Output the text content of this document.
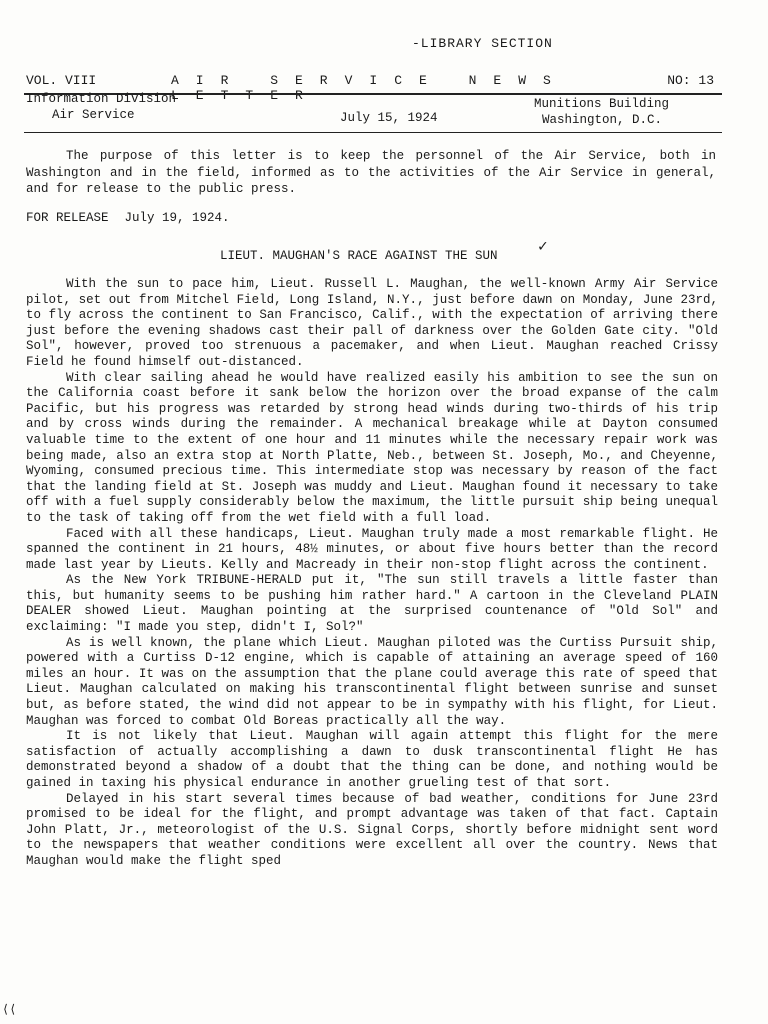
-LIBRARY SECTION
VOL. VIII	AIR SERVICE NEWS LETTER
NO: 13
Information Division
Air Service	July 15, 1924
Munitions Building
Washington, D.C.
The purpose of this letter is to keep the personnel of the Air Service, both in Washington and in the field, informed as to the activities of the Air Service in general, and for release to the public press.
FOR RELEASE July 19, 1924.
LIEUT. MAUGHAN'S RACE AGAINST THE SUN	✓

With the sun to pace him, Lieut. Russell L. Maughan, the well-known Army Air Service pilot, set out from Mitchel Field, Long Island, N.Y., just before dawn on Monday, June 23rd, to fly across the continent to San Francisco, Calif., with the expectation of arriving there just before the evening shadows cast their pall of darkness over the Golden Gate city. "Old Sol", however, proved too strenuous a pacemaker, and when Lieut. Maughan reached Crissy Field he found himself out-distanced.

With clear sailing ahead he would have realized easily his ambition to see the sun on the California coast before it sank below the horizon over the broad expanse of the calm Pacific, but his progress was retarded by strong head winds during two-thirds of his trip and by cross winds during the remainder. A mechanical breakage while at Dayton consumed valuable time to the extent of one hour and 11 minutes while the necessary repair work was being made, also an extra stop at North Platte, Neb., between St. Joseph, Mo., and Cheyenne, Wyoming, consumed precious time. This intermediate stop was necessary by reason of the fact that the landing field at St. Joseph was muddy and Lieut. Maughan found it necessary to take off with a fuel supply considerably below the maximum, the little pursuit ship being unequal to the task of taking off from the wet field with a full load.

Faced with all these handicaps, Lieut. Maughan truly made a most remarkable flight. He spanned the continent in 21 hours, 48½ minutes, or about five hours better than the record made last year by Lieuts. Kelly and Macready in their non-stop flight across the continent.

As the New York TRIBUNE-HERALD put it, "The sun still travels a little faster than this, but humanity seems to be pushing him rather hard." A cartoon in the Cleveland PLAIN DEALER showed Lieut. Maughan pointing at the surprised countenance of "Old Sol" and exclaiming: "I made you step, didn't I, Sol?"

As is well known, the plane which Lieut. Maughan piloted was the Curtiss Pursuit ship, powered with a Curtiss D-12 engine, which is capable of attaining an average speed of 160 miles an hour. It was on the assumption that the plane could average this rate of speed that Lieut. Maughan calculated on making his transcontinental flight between sunrise and sunset but, as before stated, the wind did not appear to be in sympathy with his flight, for Lieut. Maughan was forced to combat Old Boreas practically all the way.

It is not likely that Lieut. Maughan will again attempt this flight for the mere satisfaction of actually accomplishing a dawn to dusk transcontinental flight He has demonstrated beyond a shadow of a doubt that the thing can be done, and nothing would be gained in taxing his physical endurance in another grueling test of that sort.

Delayed in his start several times because of bad weather, conditions for June 23rd promised to be ideal for the flight, and prompt advantage was taken of that fact. Captain John Platt, Jr., meteorologist of the U.S. Signal Corps, shortly before midnight sent word to the newspapers that weather conditions were excellent all over the country. News that Maughan would make the flight sped

⟨⟨
